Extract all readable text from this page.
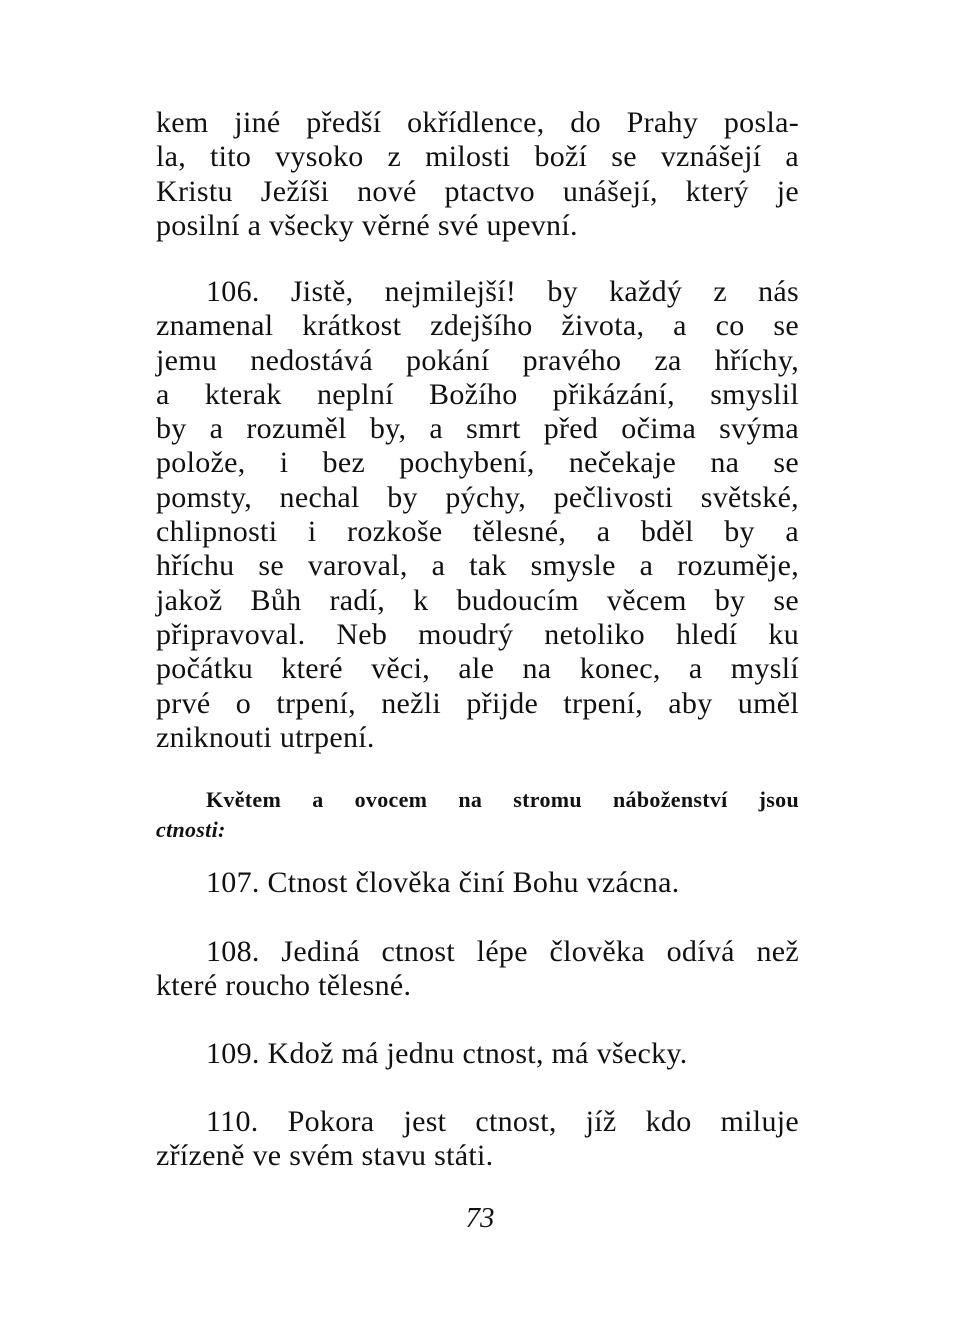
kem jiné předší okřídlence, do Prahy posla-
la, tito vysoko z milosti boží se vznášejí a
Kristu Ježíši nové ptactvo unášejí, který je
posilní a všecky věrné své upevní.
106. Jistě, nejmilejší! by každý z nás
znamenal krátkost zdejšího života, a co se
jemu nedostává pokání pravého za hříchy,
a kterak neplní Božího přikázání, smyslil
by a rozuměl by, a smrt před očima svýma
polože, i bez pochybení, nečekaje na se
pomsty, nechal by pýchy, pečlivosti světské,
chlipnosti i rozkoše tělesné, a bděl by a
hříchu se varoval, a tak smysle a rozuměje,
jakož Bůh radí, k budoucím věcem by se
připravoval. Neb moudrý netoliko hledí ku
počátku které věci, ale na konec, a myslí
prvé o trpení, nežli přijde trpení, aby uměl
zniknouti utrpení.
Květem a ovocem na stromu náboženství jsou
ctnosti:
107. Ctnost člověka činí Bohu vzácna.
108. Jediná ctnost lépe člověka odívá než
které roucho tělesné.
109. Kdož má jednu ctnost, má všecky.
110. Pokora jest ctnost, jíž kdo miluje
zřízeně ve svém stavu státi.
73
